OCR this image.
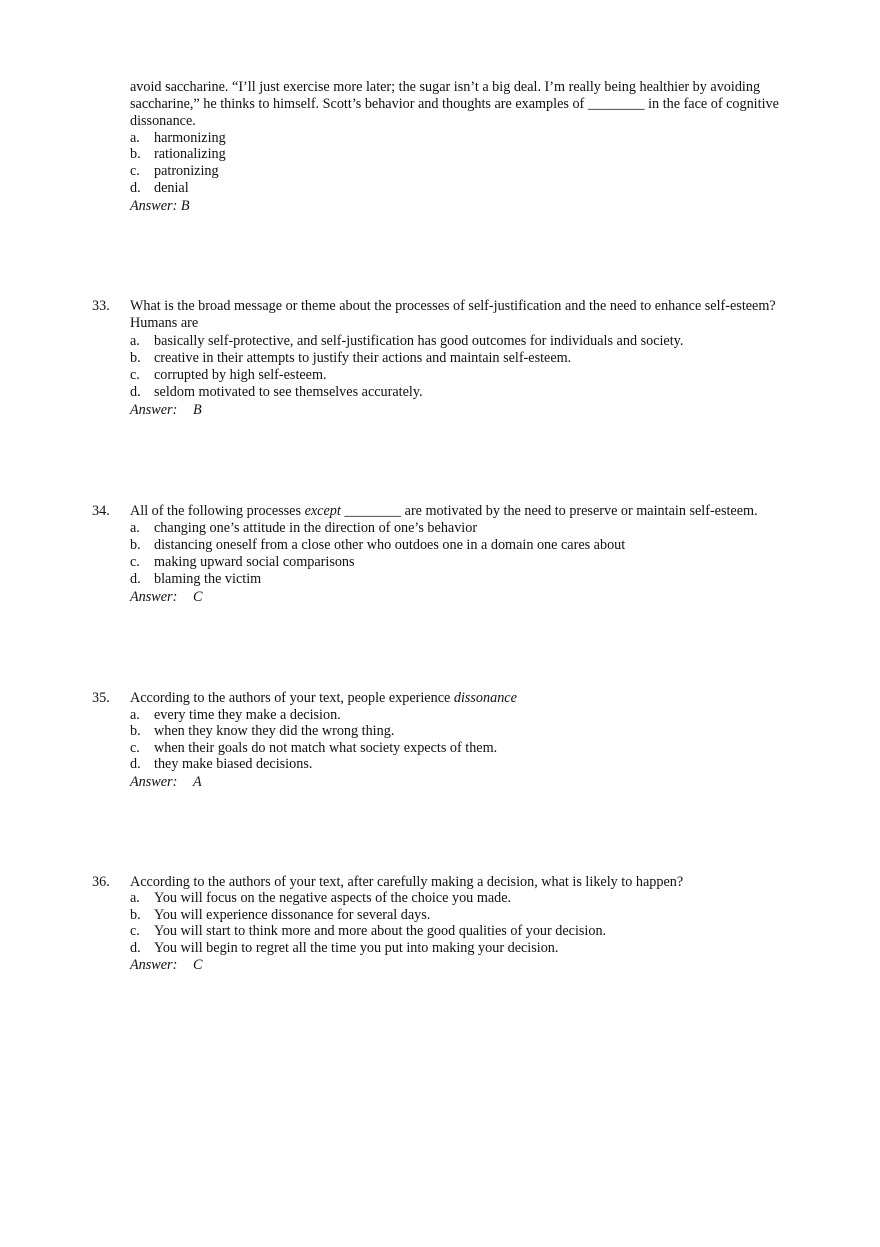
avoid saccharine. “I’ll just exercise more later; the sugar isn’t a big deal. I’m really being healthier by avoiding
saccharine,” he thinks to himself. Scott’s behavior and thoughts are examples of ________ in the face of cognitive
dissonance.
a. harmonizing
b. rationalizing
c. patronizing
d. denial
Answer: B
33. What is the broad message or theme about the processes of self-justification and the need to enhance self-esteem?
Humans are
a. basically self-protective, and self-justification has good outcomes for individuals and society.
b. creative in their attempts to justify their actions and maintain self-esteem.
c. corrupted by high self-esteem.
d. seldom motivated to see themselves accurately.
Answer: B
34. All of the following processes except ________ are motivated by the need to preserve or maintain self-esteem.
a. changing one’s attitude in the direction of one’s behavior
b. distancing oneself from a close other who outdoes one in a domain one cares about
c. making upward social comparisons
d. blaming the victim
Answer: C
35. According to the authors of your text, people experience dissonance
a. every time they make a decision.
b. when they know they did the wrong thing.
c. when their goals do not match what society expects of them.
d. they make biased decisions.
Answer: A
36. According to the authors of your text, after carefully making a decision, what is likely to happen?
a. You will focus on the negative aspects of the choice you made.
b. You will experience dissonance for several days.
c. You will start to think more and more about the good qualities of your decision.
d. You will begin to regret all the time you put into making your decision.
Answer: C
